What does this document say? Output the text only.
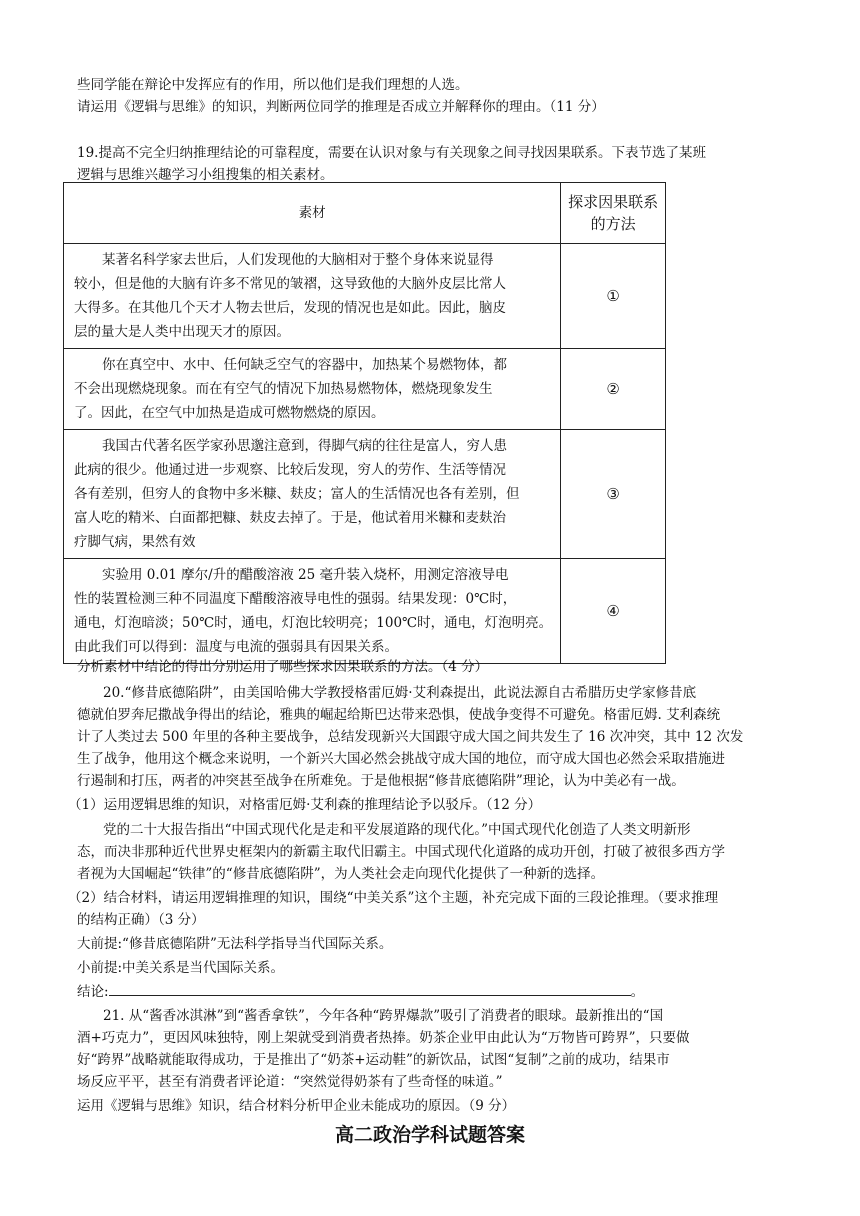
些同学能在辩论中发挥应有的作用，所以他们是我们理想的人选。
请运用《逻辑与思维》的知识，判断两位同学的推理是否成立并解释你的理由。（11 分）
19.提高不完全归纳推理结论的可靠程度，需要在认识对象与有关现象之间寻找因果联系。下表节选了某班
逻辑与思维兴趣学习小组搜集的相关素材。
素材	探求因果联系
的方法

某著名科学家去世后，人们发现他的大脑相对于整个身体来说显得

较小，但是他的大脑有许多不常见的皱褶，这导致他的大脑外皮层比常人

大得多。在其他几个天才人物去世后，发现的情况也是如此。因此，脑皮

层的量大是人类中出现天才的原因。	①

你在真空中、水中、任何缺乏空气的容器中，加热某个易燃物体，都

不会出现燃烧现象。而在有空气的情况下加热易燃物体，燃烧现象发生

了。因此，在空气中加热是造成可燃物燃烧的原因。	②

我国古代著名医学家孙思邈注意到，得脚气病的往往是富人，穷人患

此病的很少。他通过进一步观察、比较后发现，穷人的劳作、生活等情况

各有差别，但穷人的食物中多米糠、麸皮；富人的生活情况也各有差别，但

富人吃的精米、白面都把糠、麸皮去掉了。于是，他试着用米糠和麦麸治

疗脚气病，果然有效	③

实验用 0.01 摩尔/升的醋酸溶液 25 毫升装入烧杯，用测定溶液导电

性的装置检测三种不同温度下醋酸溶液导电性的强弱。结果发现：0℃时，

通电，灯泡暗淡；50℃时，通电，灯泡比较明亮；100℃时，通电，灯泡明亮。

由此我们可以得到：温度与电流的强弱具有因果关系。	④
分析素材中结论的得出分别运用了哪些探求因果联系的方法。（4 分）
20.“修昔底德陷阱”，由美国哈佛大学教授格雷厄姆·艾利森提出，此说法源自古希腊历史学家修昔底
德就伯罗奔尼撒战争得出的结论，雅典的崛起给斯巴达带来恐惧，使战争变得不可避免。格雷厄姆. 艾利森统
计了人类过去 500 年里的各种主要战争，总结发现新兴大国跟守成大国之间共发生了 16 次冲突，其中 12 次发
生了战争，他用这个概念来说明，一个新兴大国必然会挑战守成大国的地位，而守成大国也必然会采取措施进
行遏制和打压，两者的冲突甚至战争在所难免。于是他根据“修昔底德陷阱”理论，认为中美必有一战。
（1）运用逻辑思维的知识，对格雷厄姆·艾利森的推理结论予以驳斥。（12 分）
党的二十大报告指出“中国式现代化是走和平发展道路的现代化。”中国式现代化创造了人类文明新形
态，而决非那种近代世界史框架内的新霸主取代旧霸主。中国式现代化道路的成功开创，打破了被很多西方学
者视为大国崛起“铁律”的“修昔底德陷阱”，为人类社会走向现代化提供了一种新的选择。
（2）结合材料，请运用逻辑推理的知识，围绕“中美关系”这个主题，补充完成下面的三段论推理。（要求推理
的结构正确）（3 分）
大前提:“修昔底德陷阱”无法科学指导当代国际关系。
小前提:中美关系是当代国际关系。
结论:	。
21. 从“酱香冰淇淋”到“酱香拿铁”，今年各种“跨界爆款”吸引了消费者的眼球。最新推出的“国
酒+巧克力”，更因风味独特，刚上架就受到消费者热捧。奶茶企业甲由此认为“万物皆可跨界”，只要做
好“跨界”战略就能取得成功，于是推出了“奶茶+运动鞋”的新饮品，试图“复制”之前的成功，结果市
场反应平平，甚至有消费者评论道：“突然觉得奶茶有了些奇怪的味道。”
运用《逻辑与思维》知识，结合材料分析甲企业未能成功的原因。（9 分）
高二政治学科试题答案
